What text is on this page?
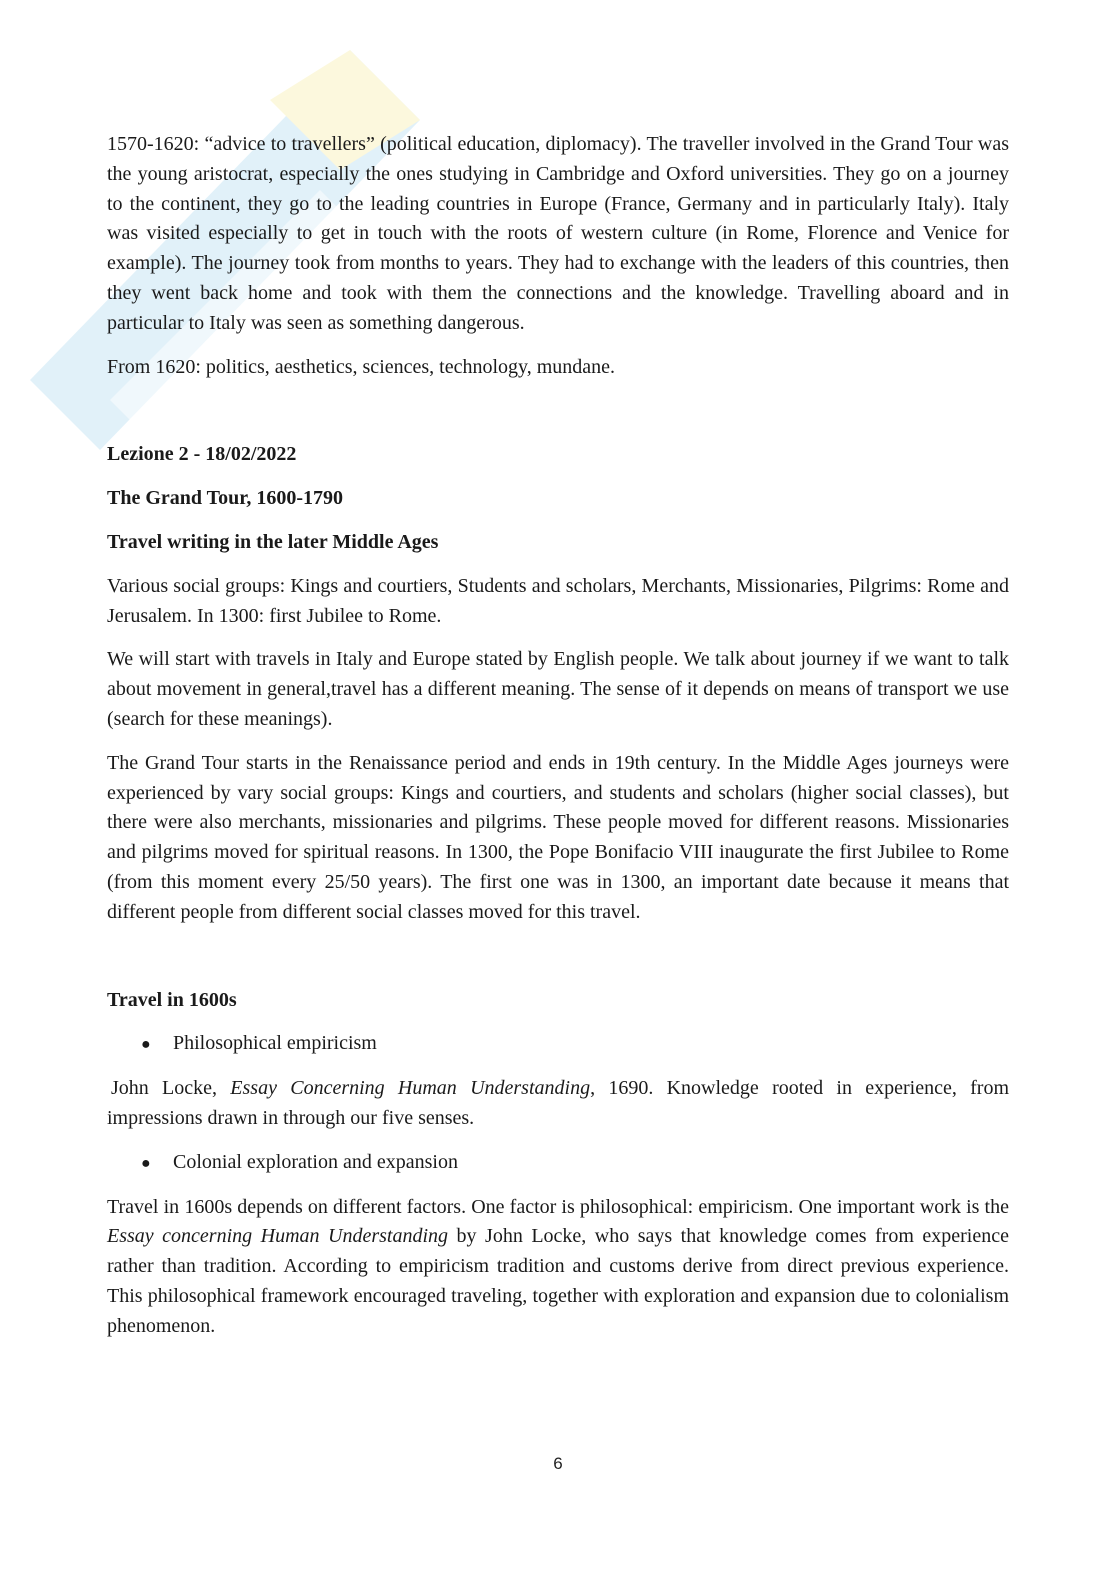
1570-1620: “advice to travellers” (political education, diplomacy). The traveller involved in the Grand Tour was the young aristocrat, especially the ones studying in Cambridge and Oxford universities. They go on a journey to the continent, they go to the leading countries in Europe (France, Germany and in particularly Italy). Italy was visited especially to get in touch with the roots of western culture (in Rome, Florence and Venice for example). The journey took from months to years. They had to exchange with the leaders of this countries, then they went back home and took with them the connections and the knowledge. Travelling aboard and in particular to Italy was seen as something dangerous.

From 1620: politics, aesthetics, sciences, technology, mundane.

Lezione 2 - 18/02/2022
The Grand Tour, 1600-1790
Travel writing in the later Middle Ages

Various social groups: Kings and courtiers, Students and scholars, Merchants, Missionaries, Pilgrims: Rome and Jerusalem. In 1300: first Jubilee to Rome.

We will start with travels in Italy and Europe stated by English people. We talk about journey if we want to talk about movement in general,travel has a different meaning. The sense of it depends on means of transport we use (search for these meanings).

The Grand Tour starts in the Renaissance period and ends in 19th century. In the Middle Ages journeys were experienced by vary social groups: Kings and courtiers, and students and scholars (higher social classes), but there were also merchants, missionaries and pilgrims. These people moved for different reasons. Missionaries and pilgrims moved for spiritual reasons. In 1300, the Pope Bonifacio VIII inaugurate the first Jubilee to Rome (from this moment every 25/50 years). The first one was in 1300, an important date because it means that different people from different social classes moved for this travel.

Travel in 1600s
●	Philosophical empiricism

John Locke, Essay Concerning Human Understanding, 1690. Knowledge rooted in experience, from impressions drawn in through our five senses.

●	Colonial exploration and expansion

Travel in 1600s depends on different factors. One factor is philosophical: empiricism. One important work is the Essay concerning Human Understanding by John Locke, who says that knowledge comes from experience rather than tradition. According to empiricism tradition and customs derive from direct previous experience. This philosophical framework encouraged traveling, together with exploration and expansion due to colonialism phenomenon.

6
